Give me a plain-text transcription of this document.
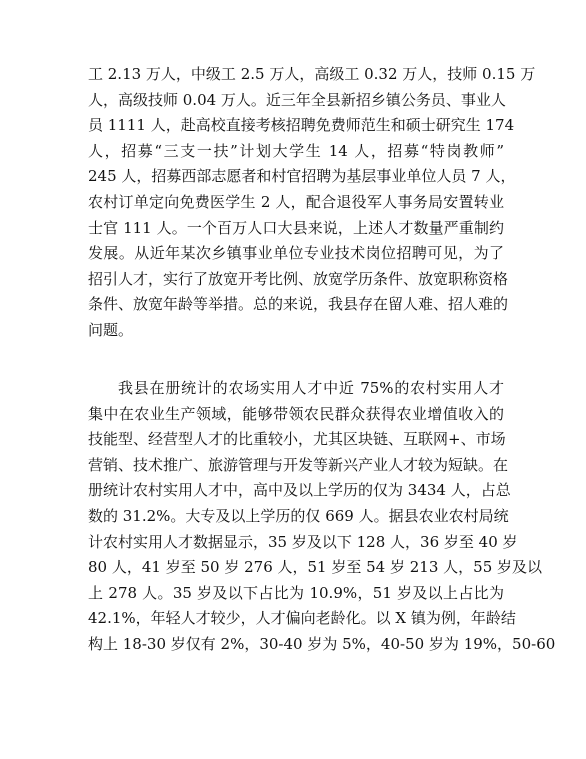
工 2.13 万人，中级工 2.5 万人，高级工 0.32 万人，技师 0.15 万
人，高级技师 0.04 万人。近三年全县新招乡镇公务员、事业人
员 1111 人，赴高校直接考核招聘免费师范生和硕士研究生 174
人，招募“三支一扶”计划大学生 14 人，招募“特岗教师”
245 人，招募西部志愿者和村官招聘为基层事业单位人员 7 人，
农村订单定向免费医学生 2 人，配合退役军人事务局安置转业
士官 111 人。一个百万人口大县来说，上述人才数量严重制约
发展。从近年某次乡镇事业单位专业技术岗位招聘可见，为了
招引人才，实行了放宽开考比例、放宽学历条件、放宽职称资格
条件、放宽年龄等举措。总的来说，我县存在留人难、招人难的
问题。
我县在册统计的农场实用人才中近 75%的农村实用人才
集中在农业生产领域，能够带领农民群众获得农业增值收入的
技能型、经营型人才的比重较小，尤其区块链、互联网+、市场
营销、技术推广、旅游管理与开发等新兴产业人才较为短缺。在
册统计农村实用人才中，高中及以上学历的仅为 3434 人，占总
数的 31.2%。大专及以上学历的仅 669 人。据县农业农村局统
计农村实用人才数据显示，35 岁及以下 128 人，36 岁至 40 岁
80 人，41 岁至 50 岁 276 人，51 岁至 54 岁 213 人，55 岁及以
上 278 人。35 岁及以下占比为 10.9%，51 岁及以上占比为
42.1%，年轻人才较少，人才偏向老龄化。以 X 镇为例，年龄结
构上 18-30 岁仅有 2%，30-40 岁为 5%，40-50 岁为 19%，50-60
